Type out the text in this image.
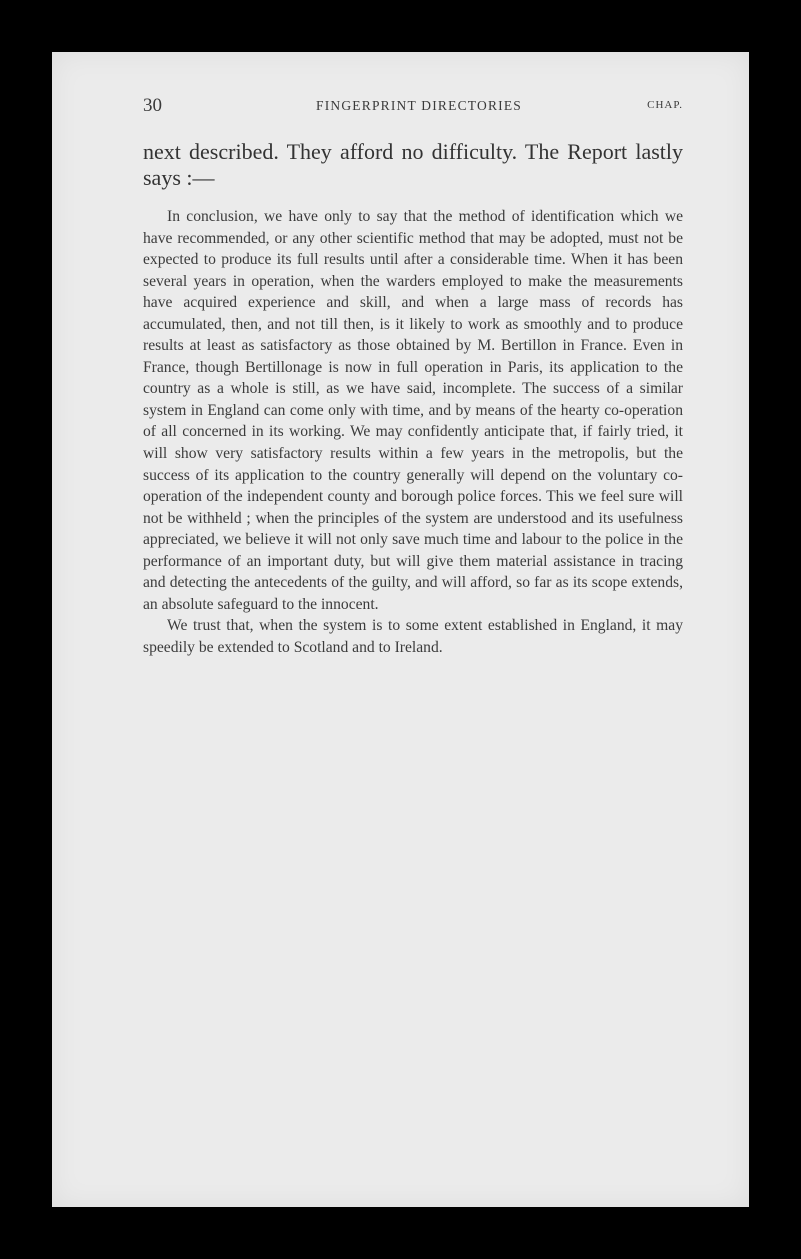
30	FINGERPRINT DIRECTORIES	CHAP.
next described. They afford no difficulty. The Report lastly says :—

In conclusion, we have only to say that the method of identification which we have recommended, or any other scientific method that may be adopted, must not be expected to produce its full results until after a considerable time. When it has been several years in operation, when the warders employed to make the measurements have acquired experience and skill, and when a large mass of records has accumulated, then, and not till then, is it likely to work as smoothly and to produce results at least as satisfactory as those obtained by M. Bertillon in France. Even in France, though Bertillonage is now in full operation in Paris, its application to the country as a whole is still, as we have said, incomplete. The success of a similar system in England can come only with time, and by means of the hearty co-operation of all concerned in its working. We may confidently anticipate that, if fairly tried, it will show very satisfactory results within a few years in the metropolis, but the success of its application to the country generally will depend on the voluntary co-operation of the independent county and borough police forces. This we feel sure will not be withheld ; when the principles of the system are understood and its usefulness appreciated, we believe it will not only save much time and labour to the police in the performance of an important duty, but will give them material assistance in tracing and detecting the antecedents of the guilty, and will afford, so far as its scope extends, an absolute safeguard to the innocent.

We trust that, when the system is to some extent established in England, it may speedily be extended to Scotland and to Ireland.
